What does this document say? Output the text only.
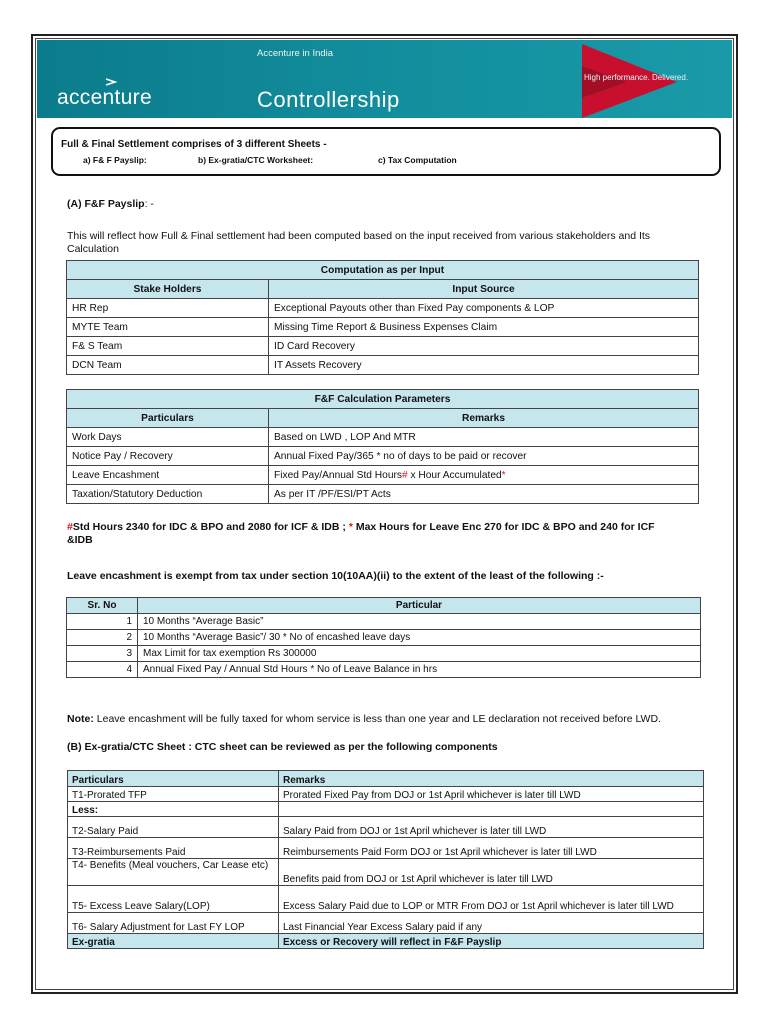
Accenture in India
accenture	Controllership
High performance. Delivered.
Full & Final Settlement comprises of 3 different Sheets -
a) F& F Payslip:	b) Ex-gratia/CTC Worksheet:	c) Tax Computation
(A) F&F Payslip: -
This will reflect how Full & Final settlement had been computed based on the input received from various stakeholders and Its
Calculation
Computation as per Input	
Stake Holders	Input Source
HR Rep	Exceptional Payouts other than Fixed Pay components & LOP
MYTE Team	Missing Time Report & Business Expenses Claim
F& S Team	ID Card Recovery
DCN Team	IT Assets Recovery
F&F Calculation Parameters	
Particulars	Remarks
Work Days	Based on LWD , LOP And MTR
Notice Pay / Recovery	Annual Fixed Pay/365 * no of days to be paid or recover
Leave Encashment	Fixed Pay/Annual Std Hours# x Hour Accumulated*
Taxation/Statutory Deduction	As per IT /PF/ESI/PT Acts
#Std Hours 2340 for IDC & BPO and 2080 for ICF & IDB ; * Max Hours for Leave Enc 270 for IDC & BPO and 240 for ICF
&IDB
Leave encashment is exempt from tax under section 10(10AA)(ii) to the extent of the least of the following :-
Sr. No	Particular
1	10 Months “Average Basic”
2	10 Months “Average Basic”/ 30 * No of encashed leave days
3	Max Limit for tax exemption Rs 300000
4	Annual Fixed Pay / Annual Std Hours * No of Leave Balance in hrs
Note: Leave encashment will be fully taxed for whom service is less than one year and LE declaration not received before LWD.
(B) Ex-gratia/CTC Sheet : CTC sheet can be reviewed as per the following components
Particulars	Remarks
T1-Prorated TFP	Prorated Fixed Pay from DOJ or 1st April whichever is later till LWD
Less:	
T2-Salary Paid	Salary Paid from DOJ or 1st April whichever is later till LWD
T3-Reimbursements Paid	Reimbursements Paid Form DOJ or 1st April whichever is later till LWD
T4- Benefits (Meal vouchers, Car Lease etc)	Benefits paid from DOJ or 1st April whichever is later till LWD
T5- Excess Leave Salary(LOP)	Excess Salary Paid due to LOP or MTR From DOJ or 1st April whichever is later till LWD
T6- Salary Adjustment for Last FY LOP	Last Financial Year Excess Salary paid if any
Ex-gratia	Excess or Recovery will reflect in F&F Payslip
